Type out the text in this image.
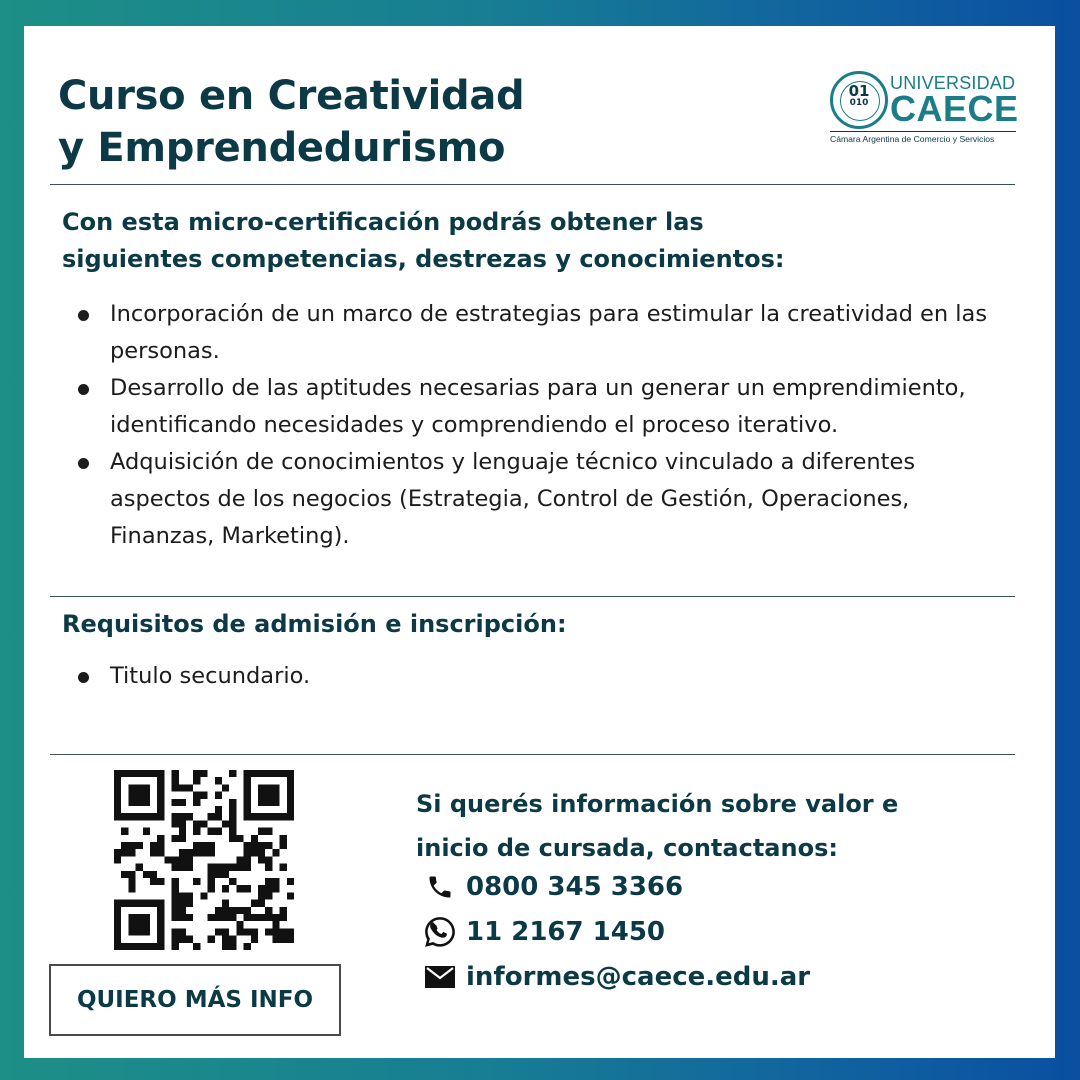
Curso en Creatividad
y Emprendedurismo
01
010
UNIVERSIDAD
CAECE
Cámara Argentina de Comercio y Servicios
Con esta micro-certificación podrás obtener las
siguientes competencias, destrezas y conocimientos:
Incorporación de un marco de estrategias para estimular la creatividad en las personas.
Desarrollo de las aptitudes necesarias para un generar un emprendimiento, identificando necesidades y comprendiendo el proceso iterativo.
Adquisición de conocimientos y lenguaje técnico vinculado a diferentes aspectos de los negocios (Estrategia, Control de Gestión, Operaciones, Finanzas, Marketing).
Requisitos de admisión e inscripción:
Titulo secundario.
QUIERO MÁS INFO
Si querés información sobre valor e
inicio de cursada, contactanos:
0800 345 3366
11 2167 1450
informes@caece.edu.ar
